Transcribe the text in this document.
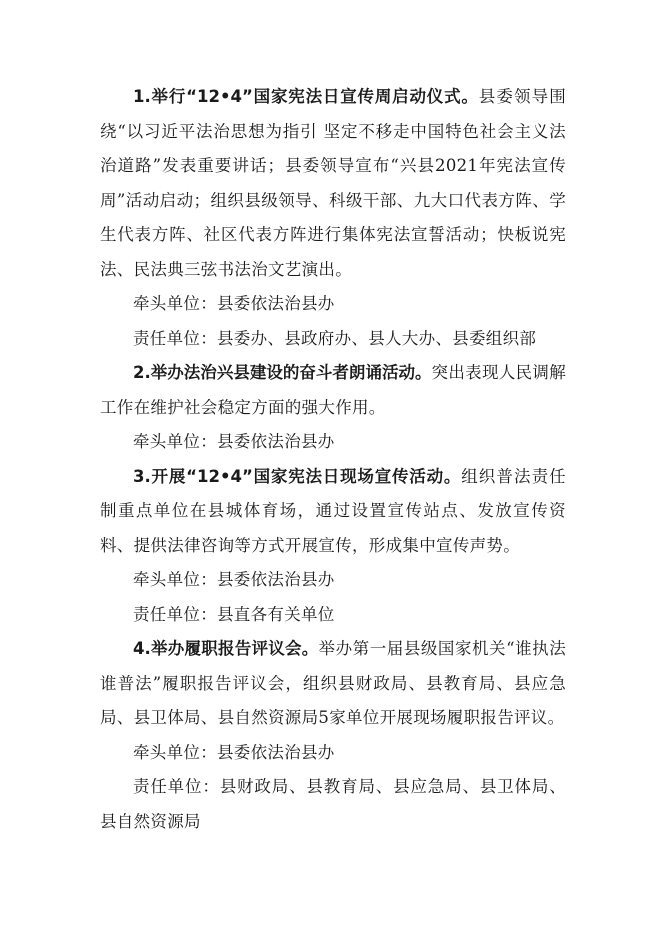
1.举行“12•4”国家宪法日宣传周启动仪式。县委领导围绕“以习近平法治思想为指引 坚定不移走中国特色社会主义法治道路”发表重要讲话；县委领导宣布“兴县2021年宪法宣传周”活动启动；组织县级领导、科级干部、九大口代表方阵、学生代表方阵、社区代表方阵进行集体宪法宣誓活动；快板说宪法、民法典三弦书法治文艺演出。

牵头单位：县委依法治县办

责任单位：县委办、县政府办、县人大办、县委组织部

2.举办法治兴县建设的奋斗者朗诵活动。突出表现人民调解工作在维护社会稳定方面的强大作用。

牵头单位：县委依法治县办

3.开展“12•4”国家宪法日现场宣传活动。组织普法责任制重点单位在县城体育场，通过设置宣传站点、发放宣传资料、提供法律咨询等方式开展宣传，形成集中宣传声势。

牵头单位：县委依法治县办

责任单位：县直各有关单位

4.举办履职报告评议会。举办第一届县级国家机关“谁执法谁普法”履职报告评议会，组织县财政局、县教育局、县应急局、县卫体局、县自然资源局5家单位开展现场履职报告评议。

牵头单位：县委依法治县办

责任单位：县财政局、县教育局、县应急局、县卫体局、县自然资源局
